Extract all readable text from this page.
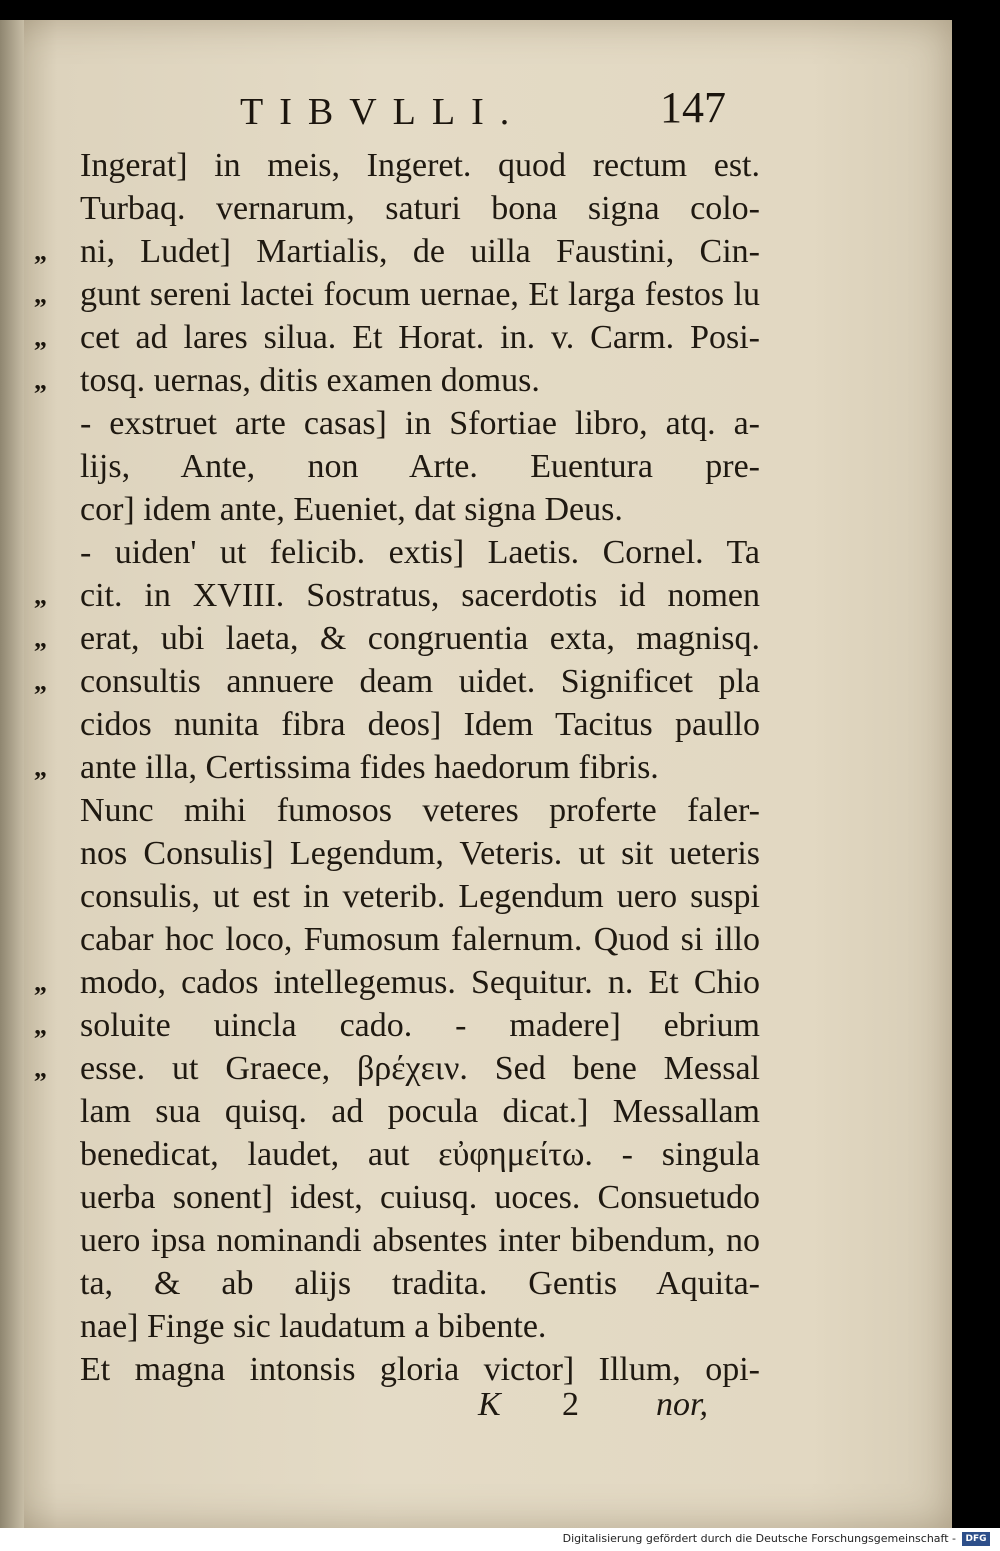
TIBVLLI.	147
Ingerat] in meis, Ingeret. quod rectum est.
Turbaq. vernarum, saturi bona signa colo-
„ ni, Ludet] Martialis, de uilla Faustini, Cin-
„ gunt sereni lactei focum uernae, Et larga festos lu
„ cet ad lares silua. Et Horat. in. v. Carm. Posi-
„ tosq. uernas, ditis examen domus.
- exstruet arte casas] in Sfortiae libro, atq. a-
lijs, Ante, non Arte. Euentura pre-
cor] idem ante, Eueniet, dat signa Deus.
- uiden' ut felicib. extis] Laetis. Cornel. Ta
„ cit. in XVIII. Sostratus, sacerdotis id nomen
„ erat, ubi laeta, & congruentia exta, magnisq.
„ consultis annuere deam uidet. Significet pla
cidos nunita fibra deos] Idem Tacitus paullo
„ ante illa, Certissima fides haedorum fibris.
Nunc mihi fumosos veteres proferte faler-
nos Consulis] Legendum, Veteris. ut sit ueteris
consulis, ut est in veterib. Legendum uero suspi
cabar hoc loco, Fumosum falernum. Quod si illo
„ modo, cados intellegemus. Sequitur. n. Et Chio
„ soluite uincla cado. - madere] ebrium
„ esse. ut Graece, βρέχειν. Sed bene Messal
lam sua quisq. ad pocula dicat.] Messallam
benedicat, laudet, aut εὐφημείτω. - singula
uerba sonent] idest, cuiusq. uoces. Consuetudo
uero ipsa nominandi absentes inter bibendum, no
ta, & ab alijs tradita. Gentis Aquita-
nae] Finge sic laudatum a bibente.
Et magna intonsis gloria victor] Illum, opi-
K 2 nor,
Digitalisierung gefördert durch die Deutsche Forschungsgemeinschaft -	DFG
